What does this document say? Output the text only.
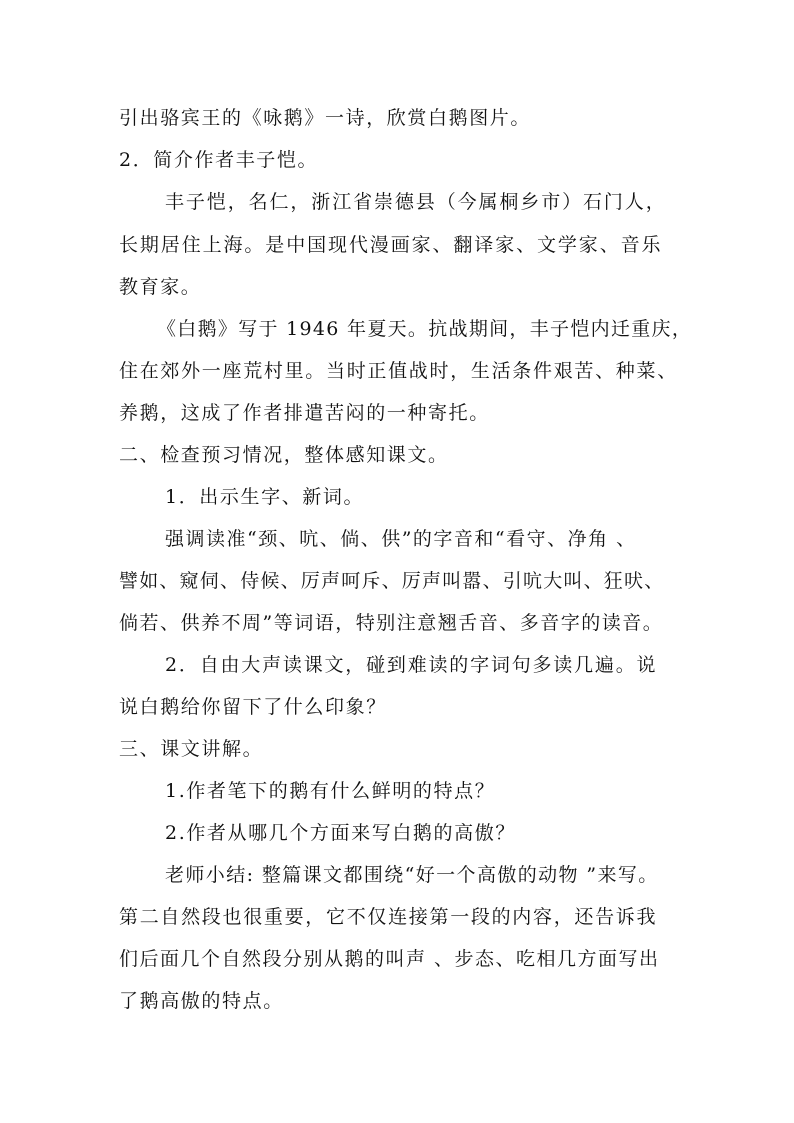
引出骆宾王的《咏鹅》一诗，欣赏白鹅图片。
2．简介作者丰子恺。
丰子恺，名仁，浙江省崇德县（今属桐乡市）石门人，
长期居住上海。是中国现代漫画家、翻译家、文学家、音乐
教育家。
《白鹅》写于 1946 年夏天。抗战期间，丰子恺内迁重庆，
住在郊外一座荒村里。当时正值战时，生活条件艰苦、种菜、
养鹅，这成了作者排遣苦闷的一种寄托。
二、检查预习情况，整体感知课文。
1．出示生字、新词。
强调读准“颈、吭、倘、供”的字音和“看守、净角 、
譬如、窥伺、侍候、厉声呵斥、厉声叫嚣、引吭大叫、狂吠、
倘若、供养不周”等词语，特别注意翘舌音、多音字的读音。
2．自由大声读课文，碰到难读的字词句多读几遍。说
说白鹅给你留下了什么印象？
三、课文讲解。
1.作者笔下的鹅有什么鲜明的特点？
2.作者从哪几个方面来写白鹅的高傲？
老师小结: 整篇课文都围绕“好一个高傲的动物 ”来写。
第二自然段也很重要，它不仅连接第一段的内容，还告诉我
们后面几个自然段分别从鹅的叫声 、步态、吃相几方面写出
了鹅高傲的特点。
